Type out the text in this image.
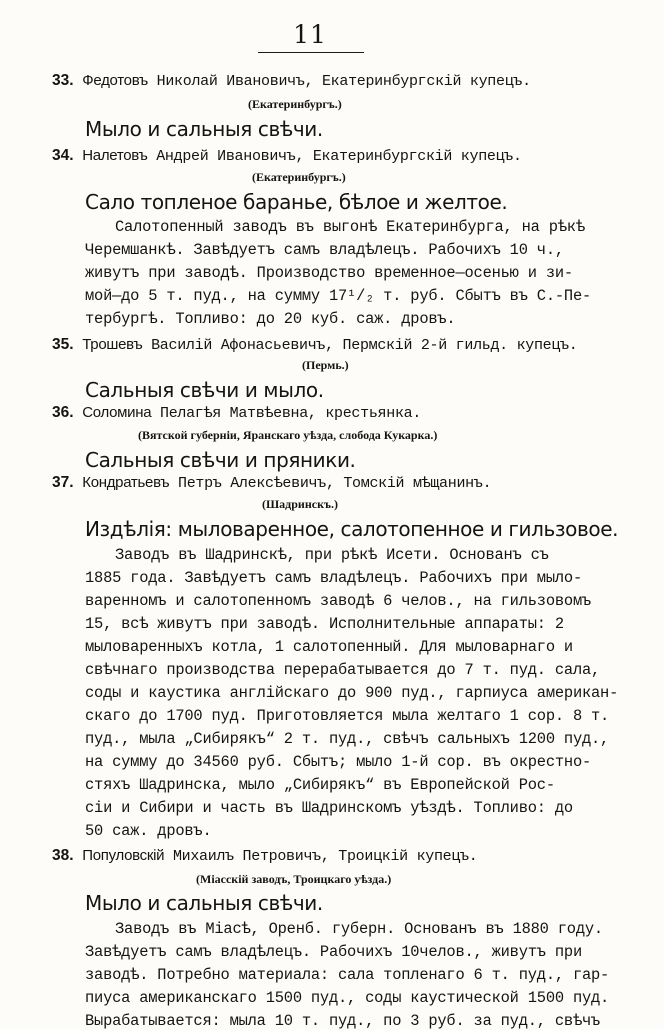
11
33. Федотовъ Николай Ивановичъ, Екатеринбургскій купецъ.
(Екатеринбургъ.)
Мыло и сальныя свѣчи.
34. Налетовъ Андрей Ивановичъ, Екатеринбургскій купецъ.
(Екатеринбургъ.)
Сало топленое баранье, бѣлое и желтое.
Салотопенный заводъ въ выгонѣ Екатеринбурга, на рѣкѣ
Черемшанкѣ. Завѣдуетъ самъ владѣлецъ. Рабочихъ 10 ч.,
живутъ при заводѣ. Производство временное—осенью и зи-
мой—до 5 т. пуд., на сумму 17¹/₂ т. руб. Сбытъ въ С.-Пе-
тербургѣ. Топливо: до 20 куб. саж. дровъ.
35. Трошевъ Василій Афонасьевичъ, Пермскій 2-й гильд. купецъ.
(Пермь.)
Сальныя свѣчи и мыло.
36. Соломина Пелагѣя Матвѣевна, крестьянка.
(Вятской губерніи, Яранскаго уѣзда, слобода Кукарка.)
Сальныя свѣчи и пряники.
37. Кондратьевъ Петръ Алексѣевичъ, Томскій мѣщанинъ.
(Шадринскъ.)
Издѣлія: мыловаренное, салотопенное и гильзовое.
Заводъ въ Шадринскѣ, при рѣкѣ Исети. Основанъ съ
1885 года. Завѣдуетъ самъ владѣлецъ. Рабочихъ при мыло-
варенномъ и салотопенномъ заводѣ 6 челов., на гильзовомъ
15, всѣ живутъ при заводѣ. Исполнительные аппараты: 2
мыловаренныхъ котла, 1 салотопенный. Для мыловарнаго и
свѣчнаго производства перерабатывается до 7 т. пуд. сала,
соды и каустика англійскаго до 900 пуд., гарпиуса американ-
скаго до 1700 пуд. Приготовляется мыла желтаго 1 сор. 8 т.
пуд., мыла „Сибирякъ“ 2 т. пуд., свѣчъ сальныхъ 1200 пуд.,
на сумму до 34560 руб. Сбытъ; мыло 1-й сор. въ окрестно-
стяхъ Шадринска, мыло „Сибирякъ“ въ Европейской Рос-
сіи и Сибири и часть въ Шадринскомъ уѣздѣ. Топливо: до
50 саж. дровъ.
38. Популовскій Михаилъ Петровичъ, Троицкій купецъ.
(Міасскій заводъ, Троицкаго уѣзда.)
Мыло и сальныя свѣчи.
Заводъ въ Міасѣ, Оренб. губерн. Основанъ въ 1880 году.
Завѣдуетъ самъ владѣлецъ. Рабочихъ 10челов., живутъ при
заводѣ. Потребно материала: сала топленаго 6 т. пуд., гар-
пиуса американскаго 1500 пуд., соды каустической 1500 пуд.
Вырабатывается: мыла 10 т. пуд., по 3 руб. за пуд., свѣчъ
